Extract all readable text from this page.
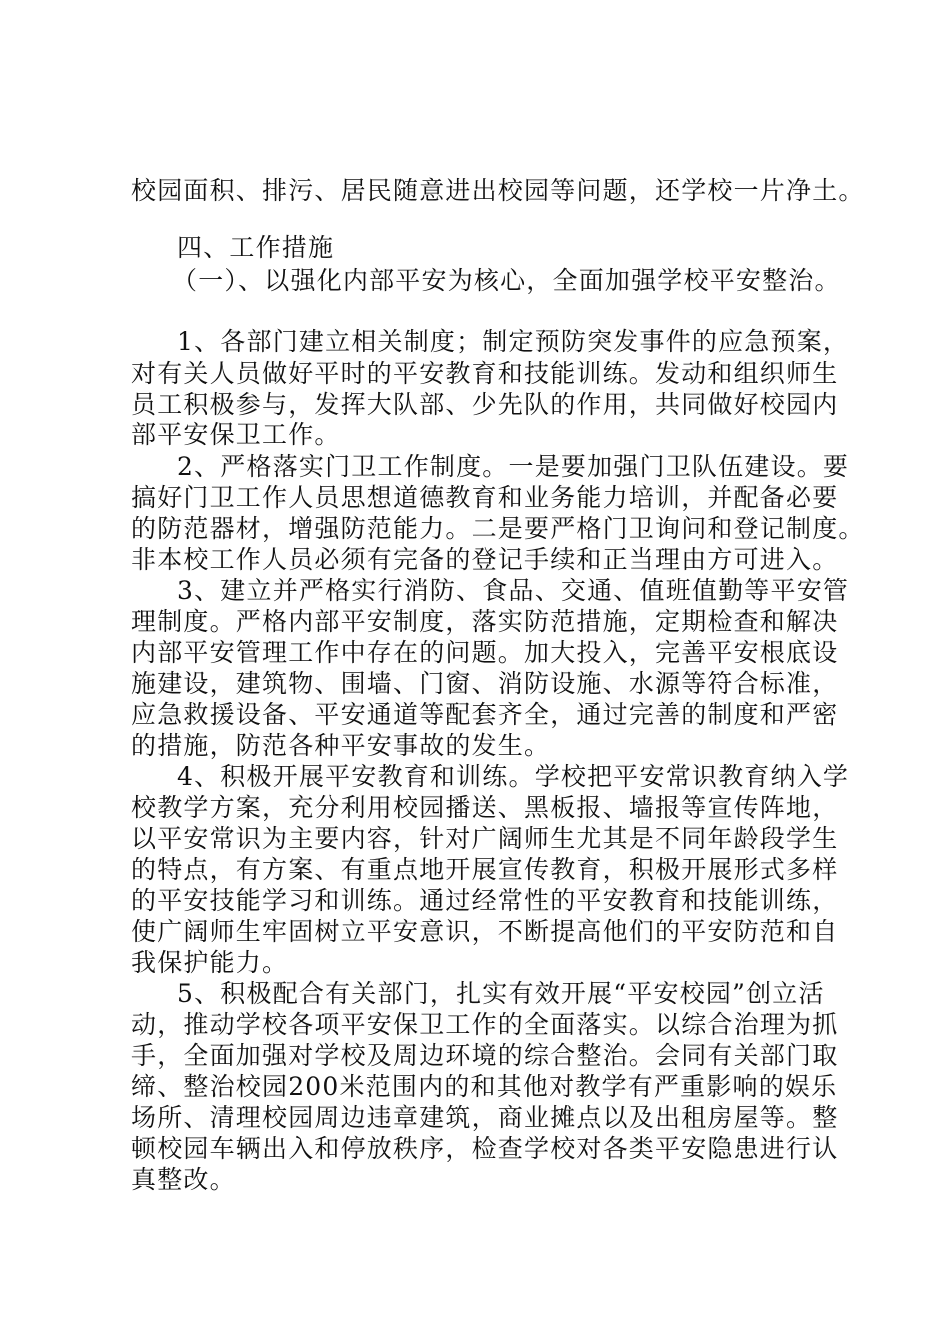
校园面积、排污、居民随意进出校园等问题，还学校一片净土。
四、工作措施
（一）、以强化内部平安为核心，全面加强学校平安整治。
1、各部门建立相关制度；制定预防突发事件的应急预案，
对有关人员做好平时的平安教育和技能训练。发动和组织师生
员工积极参与，发挥大队部、少先队的作用，共同做好校园内
部平安保卫工作。
2、严格落实门卫工作制度。一是要加强门卫队伍建设。要
搞好门卫工作人员思想道德教育和业务能力培训，并配备必要
的防范器材，增强防范能力。二是要严格门卫询问和登记制度。
非本校工作人员必须有完备的登记手续和正当理由方可进入。
3、建立并严格实行消防、食品、交通、值班值勤等平安管
理制度。严格内部平安制度，落实防范措施，定期检查和解决
内部平安管理工作中存在的问题。加大投入，完善平安根底设
施建设，建筑物、围墙、门窗、消防设施、水源等符合标准，
应急救援设备、平安通道等配套齐全，通过完善的制度和严密
的措施，防范各种平安事故的发生。
4、积极开展平安教育和训练。学校把平安常识教育纳入学
校教学方案，充分利用校园播送、黑板报、墙报等宣传阵地，
以平安常识为主要内容，针对广阔师生尤其是不同年龄段学生
的特点，有方案、有重点地开展宣传教育，积极开展形式多样
的平安技能学习和训练。通过经常性的平安教育和技能训练，
使广阔师生牢固树立平安意识，不断提高他们的平安防范和自
我保护能力。
5、积极配合有关部门，扎实有效开展“平安校园”创立活
动，推动学校各项平安保卫工作的全面落实。以综合治理为抓
手，全面加强对学校及周边环境的综合整治。会同有关部门取
缔、整治校园200米范围内的和其他对教学有严重影响的娱乐
场所、清理校园周边违章建筑，商业摊点以及出租房屋等。整
顿校园车辆出入和停放秩序，检查学校对各类平安隐患进行认
真整改。
